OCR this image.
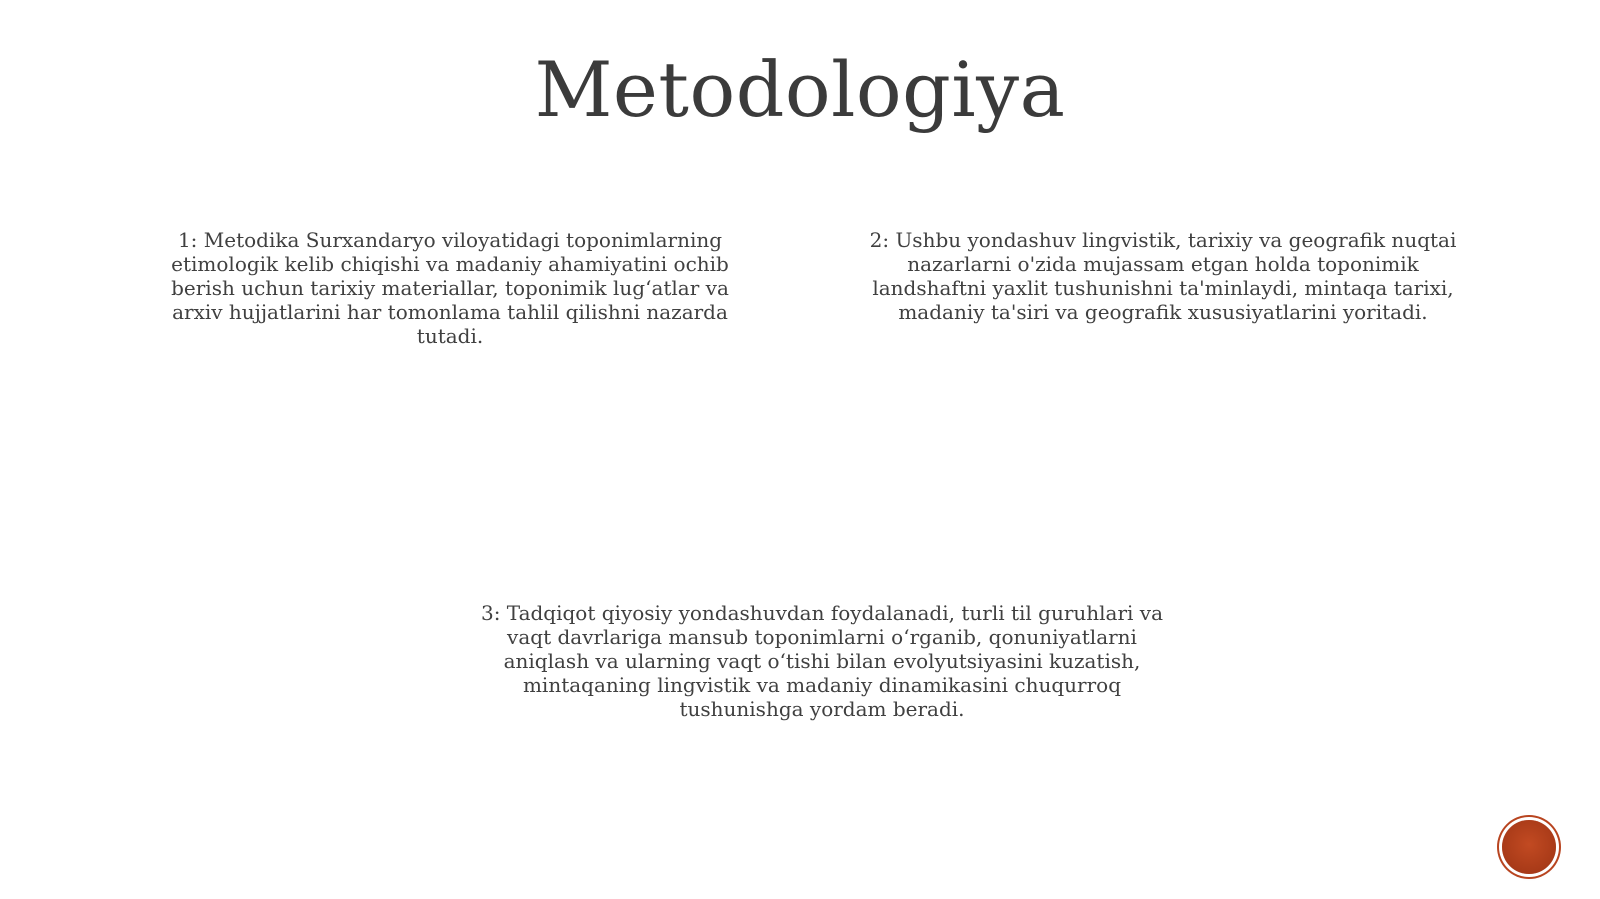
Metodologiya

1: Metodika Surxandaryo viloyatidagi toponimlarning etimologik kelib chiqishi va madaniy ahamiyatini ochib berish uchun tarixiy materiallar, toponimik lug‘atlar va arxiv hujjatlarini har tomonlama tahlil qilishni nazarda tutadi.

2: Ushbu yondashuv lingvistik, tarixiy va geografik nuqtai nazarlarni o'zida mujassam etgan holda toponimik landshaftni yaxlit tushunishni ta'minlaydi, mintaqa tarixi, madaniy ta'siri va geografik xususiyatlarini yoritadi.

3: Tadqiqot qiyosiy yondashuvdan foydalanadi, turli til guruhlari va vaqt davrlariga mansub toponimlarni o‘rganib, qonuniyatlarni aniqlash va ularning vaqt o‘tishi bilan evolyutsiyasini kuzatish, mintaqaning lingvistik va madaniy dinamikasini chuqurroq tushunishga yordam beradi.
